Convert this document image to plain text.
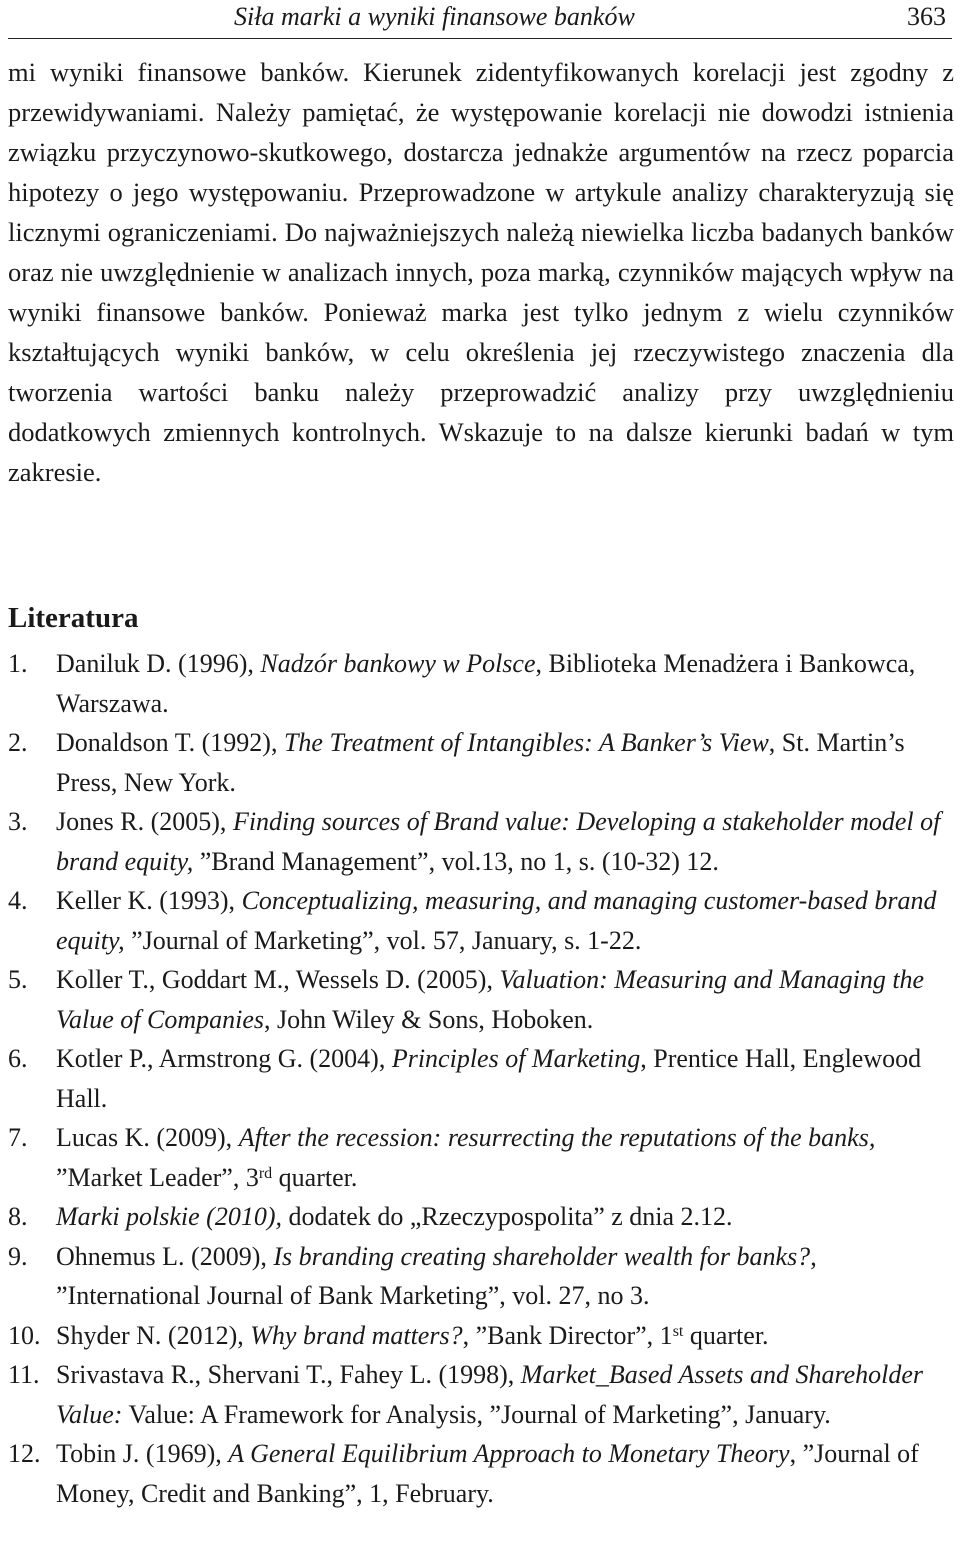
Siła marki a wyniki finansowe banków	363

mi wyniki finansowe banków. Kierunek zidentyfikowanych korelacji jest zgodny z przewidywaniami. Należy pamiętać, że występowanie korelacji nie dowodzi istnienia związku przyczynowo-skutkowego, dostarcza jednakże argumentów na rzecz poparcia hipotezy o jego występowaniu. Przeprowadzone w artykule analizy charakteryzują się licznymi ograniczeniami. Do najważniejszych należą niewielka liczba badanych banków oraz nie uwzględnienie w analizach innych, poza marką, czynników mających wpływ na wyniki finansowe banków. Ponieważ marka jest tylko jednym z wielu czynników kształtujących wyniki banków, w celu określenia jej rzeczywistego znaczenia dla tworzenia wartości banku należy przeprowadzić analizy przy uwzględnieniu dodatkowych zmiennych kontrolnych. Wskazuje to na dalsze kierunki badań w tym zakresie.

Literatura
1. Daniluk D. (1996), Nadzór bankowy w Polsce, Biblioteka Menadżera i Bankowca, Warszawa.
2. Donaldson T. (1992), The Treatment of Intangibles: A Banker’s View, St. Martin’s Press, New York.
3. Jones R. (2005), Finding sources of Brand value: Developing a stakeholder model of brand equity, ”Brand Management”, vol.13, no 1, s. (10-32) 12.
4. Keller K. (1993), Conceptualizing, measuring, and managing customer-based brand equity, ”Journal of Marketing”, vol. 57, January, s. 1-22.
5. Koller T., Goddart M., Wessels D. (2005), Valuation: Measuring and Managing the Value of Companies, John Wiley & Sons, Hoboken.
6. Kotler P., Armstrong G. (2004), Principles of Marketing, Prentice Hall, Englewood Hall.
7. Lucas K. (2009), After the recession: resurrecting the reputations of the banks, ”Market Leader”, 3rd quarter.
8. Marki polskie (2010), dodatek do „Rzeczypospolita” z dnia 2.12.
9. Ohnemus L. (2009), Is branding creating shareholder wealth for banks?, ”International Journal of Bank Marketing”, vol. 27, no 3.
10. Shyder N. (2012), Why brand matters?, ”Bank Director”, 1st quarter.
11. Srivastava R., Shervani T., Fahey L. (1998), Market_Based Assets and Shareholder Value: Value: A Framework for Analysis, ”Journal of Marketing”, January.
12. Tobin J. (1969), A General Equilibrium Approach to Monetary Theory, ”Journal of Money, Credit and Banking”, 1, February.
